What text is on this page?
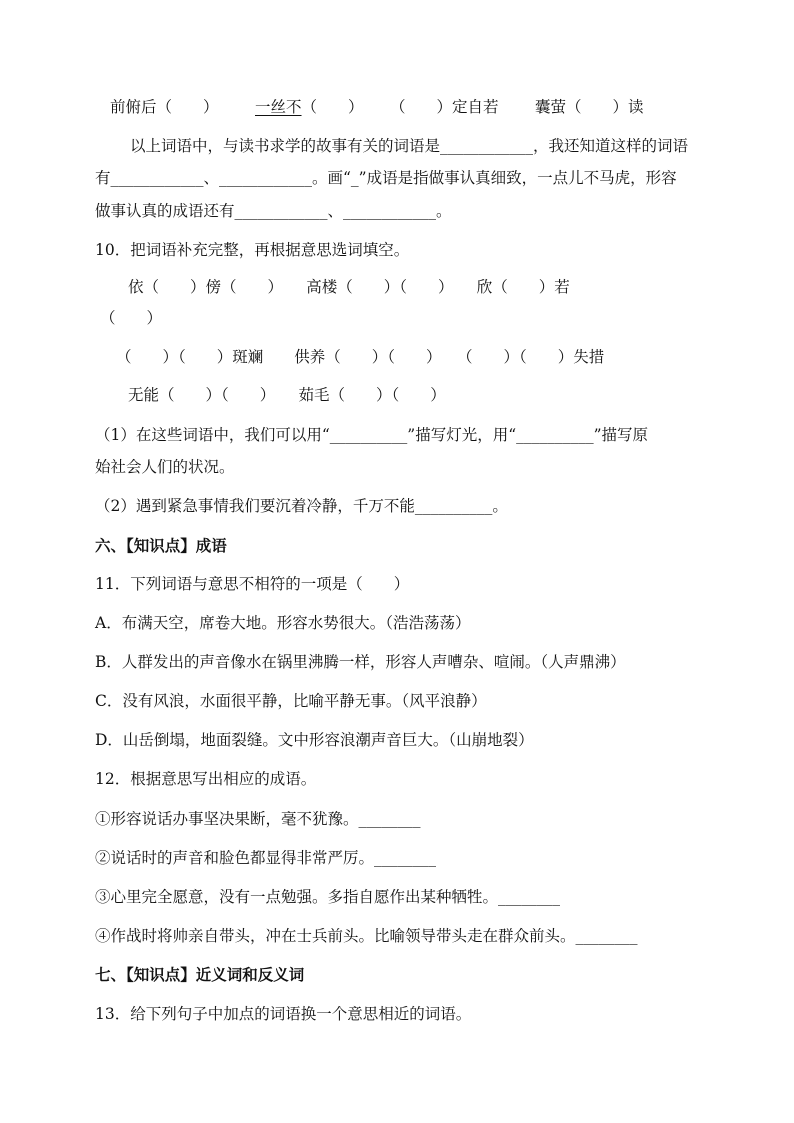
前俯后（　　） 一丝不（　　） （　　）定自若 囊萤（　　）读
以上词语中，与读书求学的故事有关的词语是____________，我还知道这样的词语
有____________、____________。画“_”成语是指做事认真细致，一点儿不马虎，形容
做事认真的成语还有____________、____________。
10．把词语补充完整，再根据意思选词填空。
依（　　）傍（　　）　　高楼（　　）（　　）　　欣（　　）若
（　　）
（　　）（　　）斑斓　　供养（　　）（　　）　　（　　）（　　）失措
无能（　　）（　　）　　茹毛（　　）（　　）
（1）在这些词语中，我们可以用“__________”描写灯光，用“__________”描写原
始社会人们的状况。
（2）遇到紧急事情我们要沉着冷静，千万不能__________。
六、【知识点】成语
11．下列词语与意思不相符的一项是（　　）
A．布满天空，席卷大地。形容水势很大。（浩浩荡荡）
B．人群发出的声音像水在锅里沸腾一样，形容人声嘈杂、喧闹。（人声鼎沸）
C．没有风浪，水面很平静，比喻平静无事。（风平浪静）
D．山岳倒塌，地面裂缝。文中形容浪潮声音巨大。（山崩地裂）
12．根据意思写出相应的成语。
①形容说话办事坚决果断，毫不犹豫。________
②说话时的声音和脸色都显得非常严厉。________
③心里完全愿意，没有一点勉强。多指自愿作出某种牺牲。________
④作战时将帅亲自带头，冲在士兵前头。比喻领导带头走在群众前头。________
七、【知识点】近义词和反义词
13．给下列句子中加点的词语换一个意思相近的词语。
